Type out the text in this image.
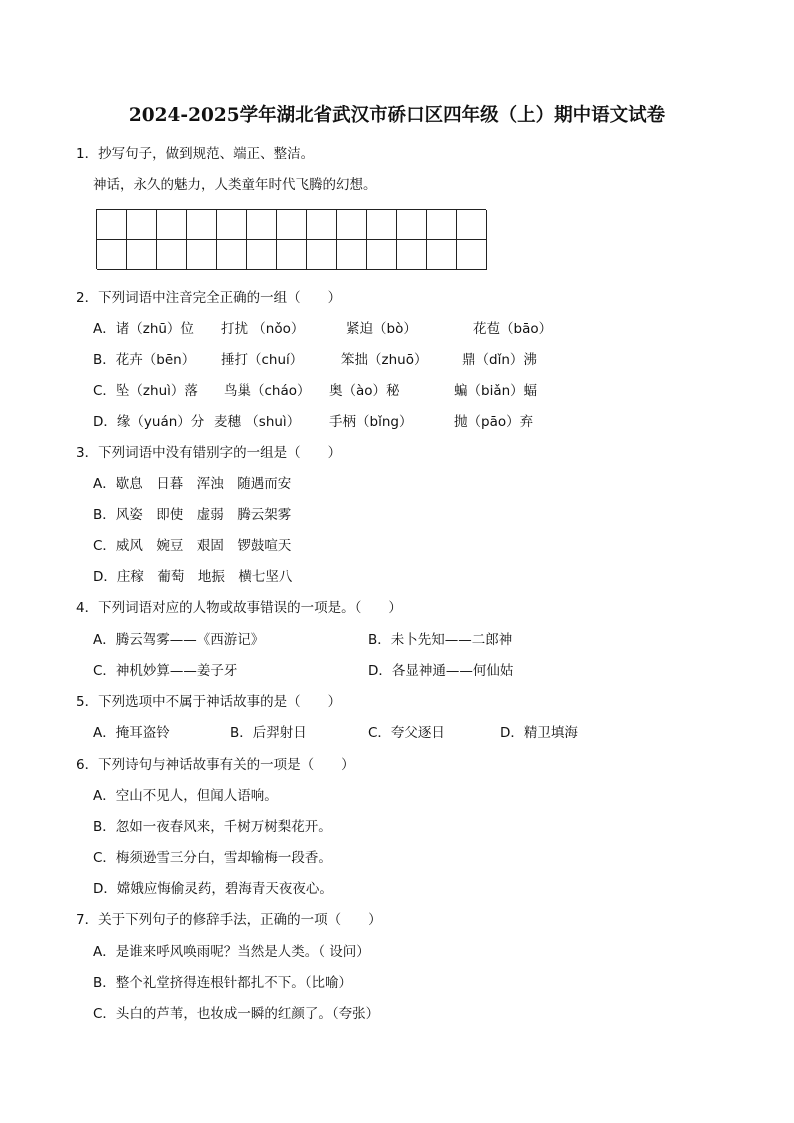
2024-2025学年湖北省武汉市硚口区四年级（上）期中语文试卷
1．抄写句子，做到规范、端正、整洁。
神话，永久的魅力，人类童年时代飞腾的幻想。
2．下列词语中注音完全正确的一组（　　）
A．诸（zhū）位 打扰 （nǒo）	紧迫（bò）	花苞（bāo）
B．花卉（bēn） 捶打（chuí）	笨拙（zhuō）	鼎（dǐn）沸
C．坠（zhuì）落 鸟巢（cháo） 奥（ào）秘	蝙（biǎn）蝠
D．缘（yuán）分 麦穗 （shuì） 手柄（bǐng）	抛（pāo）弃
3．下列词语中没有错别字的一组是（　　）
A．歇息　日暮　浑浊　随遇而安
B．风姿　即使　虚弱　腾云架雾
C．威风　婉豆　艰固　锣鼓喧天
D．庄稼　葡萄　地振　横七坚八
4．下列词语对应的人物或故事错误的一项是。（　　）
A．腾云驾雾——《西游记》	B．未卜先知——二郎神
C．神机妙算——姜子牙	D．各显神通——何仙姑
5．下列选项中不属于神话故事的是（　　）
A．掩耳盗铃	B．后羿射日	C．夸父逐日	D．精卫填海
6．下列诗句与神话故事有关的一项是（　　）
A．空山不见人，但闻人语响。
B．忽如一夜春风来，千树万树梨花开。
C．梅须逊雪三分白，雪却输梅一段香。
D．嫦娥应悔偷灵药，碧海青天夜夜心。
7．关于下列句子的修辞手法，正确的一项（　　）
A．是谁来呼风唤雨呢？当然是人类。（ 设问）
B．整个礼堂挤得连根针都扎不下。（比喻）
C．头白的芦苇，也妆成一瞬的红颜了。（夸张）
